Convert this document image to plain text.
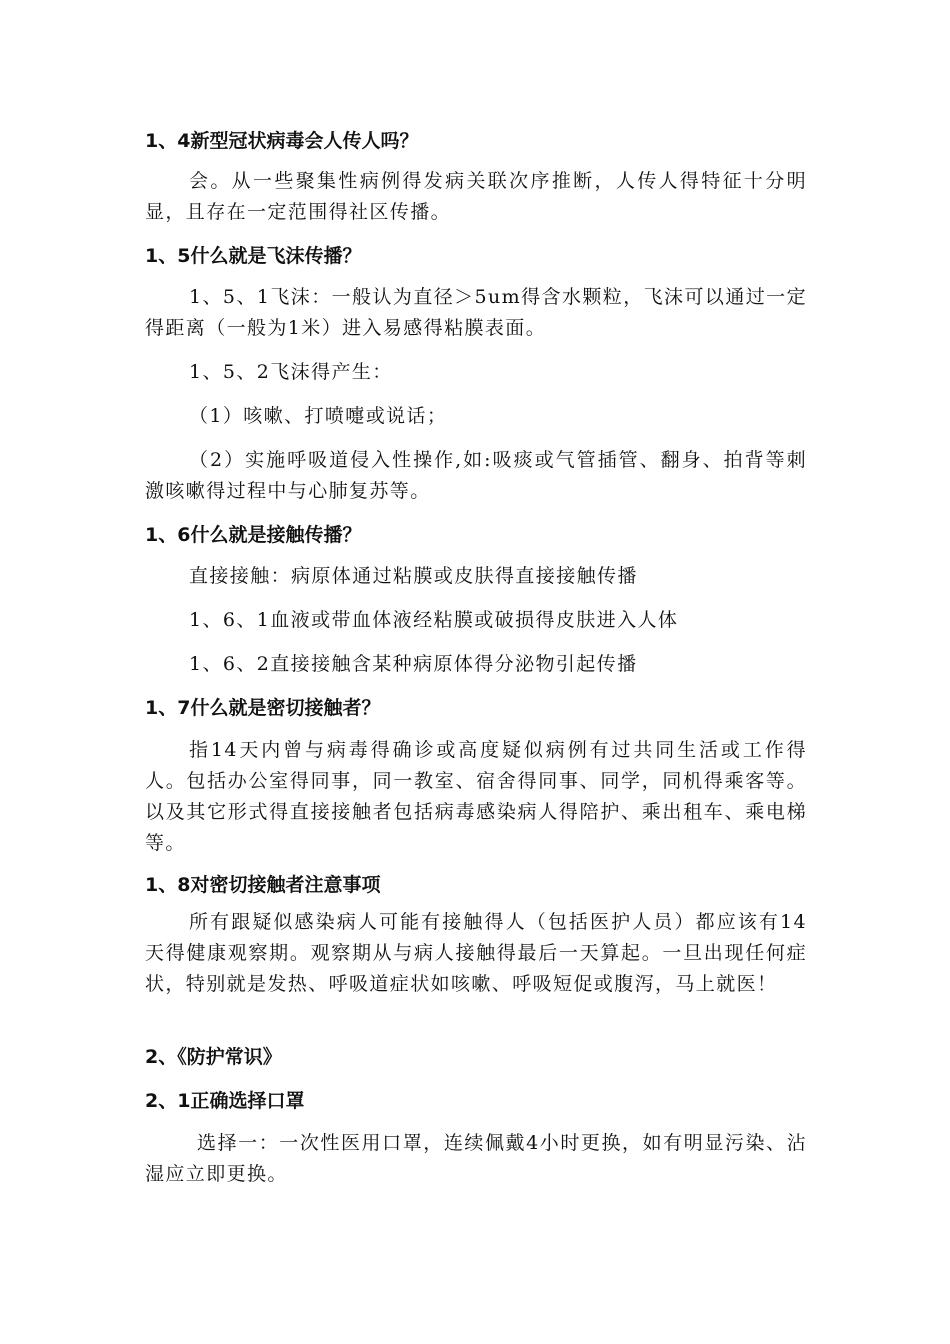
1、4新型冠状病毒会人传人吗？
会。从一些聚集性病例得发病关联次序推断，人传人得特征十分明显，且存在一定范围得社区传播。
1、5什么就是飞沫传播？
1、5、1飞沫：一般认为直径＞5um得含水颗粒，飞沫可以通过一定得距离（一般为1米）进入易感得粘膜表面。
1、5、2飞沫得产生：
（1）咳嗽、打喷嚏或说话；
（2）实施呼吸道侵入性操作,如:吸痰或气管插管、翻身、拍背等刺激咳嗽得过程中与心肺复苏等。
1、6什么就是接触传播？
直接接触：病原体通过粘膜或皮肤得直接接触传播
1、6、1血液或带血体液经粘膜或破损得皮肤进入人体
1、6、2直接接触含某种病原体得分泌物引起传播
1、7什么就是密切接触者？
指14天内曾与病毒得确诊或高度疑似病例有过共同生活或工作得人。包括办公室得同事，同一教室、宿舍得同事、同学，同机得乘客等。以及其它形式得直接接触者包括病毒感染病人得陪护、乘出租车、乘电梯等。
1、8对密切接触者注意事项
所有跟疑似感染病人可能有接触得人（包括医护人员）都应该有14天得健康观察期。观察期从与病人接触得最后一天算起。一旦出现任何症状，特别就是发热、呼吸道症状如咳嗽、呼吸短促或腹泻，马上就医！
2、《防护常识》
2、1正确选择口罩
选择一：一次性医用口罩，连续佩戴4小时更换，如有明显污染、沾湿应立即更换。
